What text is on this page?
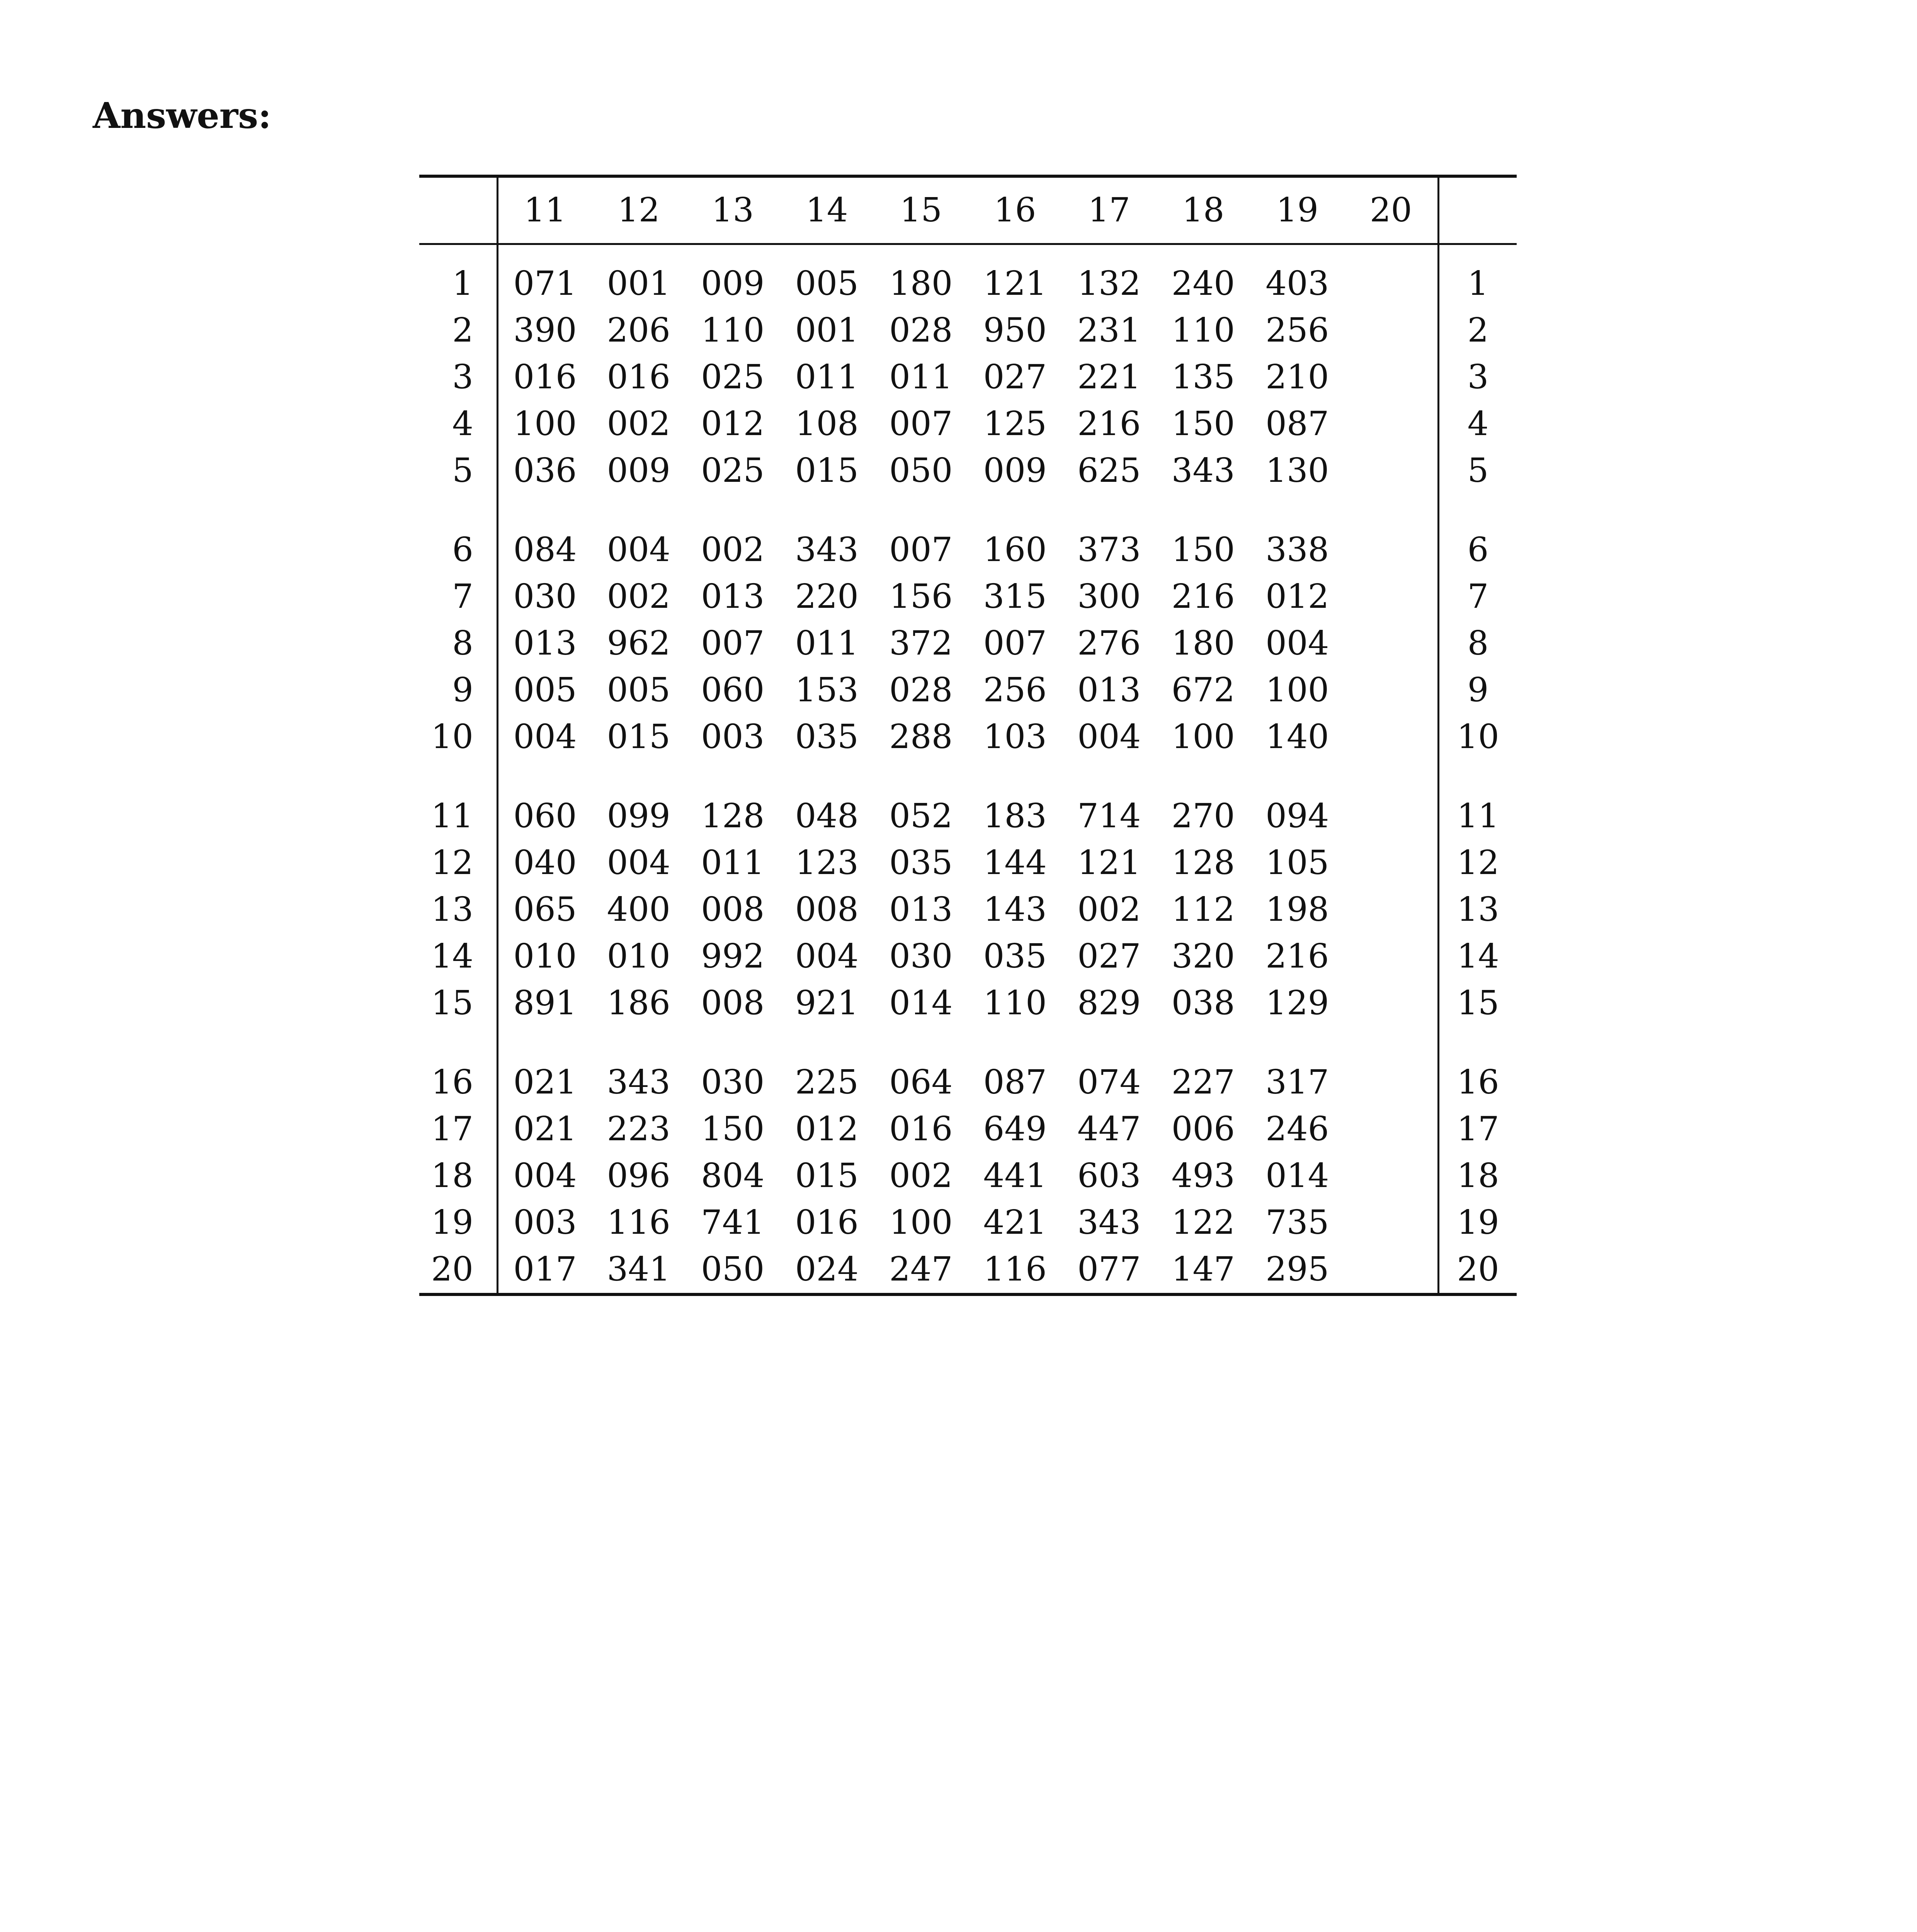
Answers:
	11	12	13	14	15	16	17	18	19	20	
1	071	001	009	005	180	121	132	240	403		1
2	390	206	110	001	028	950	231	110	256		2
3	016	016	025	011	011	027	221	135	210		3
4	100	002	012	108	007	125	216	150	087		4
5	036	009	025	015	050	009	625	343	130		5
6	084	004	002	343	007	160	373	150	338		6
7	030	002	013	220	156	315	300	216	012		7
8	013	962	007	011	372	007	276	180	004		8
9	005	005	060	153	028	256	013	672	100		9
10	004	015	003	035	288	103	004	100	140		10
11	060	099	128	048	052	183	714	270	094		11
12	040	004	011	123	035	144	121	128	105		12
13	065	400	008	008	013	143	002	112	198		13
14	010	010	992	004	030	035	027	320	216		14
15	891	186	008	921	014	110	829	038	129		15
16	021	343	030	225	064	087	074	227	317		16
17	021	223	150	012	016	649	447	006	246		17
18	004	096	804	015	002	441	603	493	014		18
19	003	116	741	016	100	421	343	122	735		19
20	017	341	050	024	247	116	077	147	295		20
